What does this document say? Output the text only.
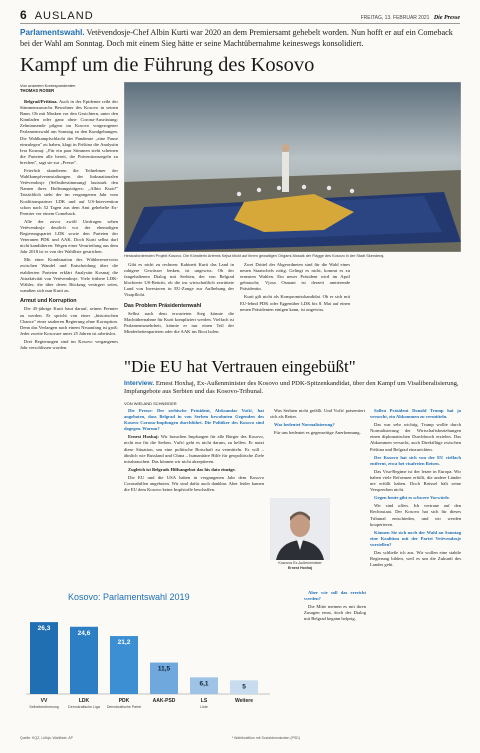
6 AUSLAND	FREITAG, 13. FEBRUAR 2021 Die Presse
Parlamentswahl. Vetëvendosje-Chef Albin Kurti war 2020 an dem Premiersamt gehebelt worden. Nun hofft er auf ein Comeback bei der Wahl am Sonntag. Doch mit einem Sieg hätte er seine Machtübernahme keineswegs konsolidiert.
Kampf um die Führung des Kosovo
Von unserem Korrespondenten
THOMAS ROSER

Belgrad/Priština. Auch in der Epidemie reibt der Stimmenzuwachs Bewohner des Kosovo in seinen Bann. Ob mit Masken vor den Gesichtern, unter den Kinnladen oder ganz ohne Corona-Ausrüstung: Zehntausende pilgern im Kosovo vorgezogener Parlamentswahl am Sonntag zu den Kundgebungen. Die Wahlkampfschlacht der Pandemie „eine Pause einzulegen" zu haben, klagt in Priština die Analystin Iera Kosmaj: „Für ein paar Stimmen steht scheinen die Parteien alle bereit, die Präventionsregeln zu brechen", sagt sie zur „Presse".

Feierlich skandieren die Teilnehmer der Wahlkampfveranstaltungen der linksnationalen Vetëvendosje (Selbstbestimmung) lautstark den Namen ihres Hoffnungsträgers: „Albin Kurti!" Tatsächlich steht der im vergangenen Jahr vom Koalitionspartner LDK und auf US-Intervention schon nach 52 Tagen aus dem Amt gehebelte Ex-Premier vor einem Comeback.

Alle der zuvor zwölf Umfragen sehen Vetëvendosje deutlich vor der ehemaligen Regierungspartei LDK sowie den Parteien der Veteranen PDK und AAK. Doch Kurti selbst darf nicht kandidieren: Wegen einer Verurteilung aus dem Jahr 2018 ist er von der Wahlliste gestrichen.

Mit einer Kombination des Wählerreservoirs zwischen Wandel und Entscheidung über die etablierten Parteien erklärt Analystin Kosmaj die Attraktivität von Vetëvendosje. Viele frühere LDK-Wähler, die über deren Rückzug verärgert seien, wandten sich nun Kurti zu.

Armut und Korruption

Die 45-jährige Kurti baut darauf, seinen Premier zu werden. Er spricht von einer „historischen Chance" einer sauberen Regierung ohne Korruption. Denn das Verlangen nach einem Neuanfang ist groß: Jeder zweite Kosovare unter 25 Jahren ist arbeitslos.

Drei Regierungen sind im Kosovo vergangenes Jahr verschlissen worden.

Herausfordernden Projekt Kosovo. Die Künstlerin Artemis Kejsa blickt auf ihrem gewaltigen Origami-Mosaik der Flagge des Kosovo in der Stadt Skenderaj.

Gibt es nicht zu rechnen: Kabinett Kurti das Land in ruhigere Gewässer lenken, ist ungewiss. Ob der fangehaltenen Dialog mit Serbien, der von Belgrad blockierte US-Beitritt, ob die ins wirtschaftlich zerrüttete Land von Investoren in EU-Zonge zur Aufhebung der Visapflicht.

Das Problem Präsidentenwahl

Selbst nach dem erwarteten Sieg könnte die Machtübernahme für Kurti kompliziert werden. Vielfach ist Parlamentsmehrheit, könnte er nur einen Teil der Minderheitenparteien oder die AAK ins Boot holen.

Zwei Drittel der Abgeordneten sind für die Wahl eines neuen Staatschefs nötig. Gelingt es nicht, kommt es zu erneuten Wahlen. Ein neuer Präsident wird im April gebraucht; Vjosa Osmani ist derzeit amtierende Präsidentin.

Kurti gilt nicht als Kompromisskandidat. Ob er sich mit EU-lehnd PDK oder Eggenüber LDK bis 8. Mai auf einen neuen Präsidenten einigen kann, ist ungewiss.

"Die EU hat Vertrauen eingebüßt"
Interview. Ernest Hoxhaj, Ex-Außenminister des Kosovo und PDK-Spitzenkandidat, über den Kampf um Visaliberalisierung, Impfangebote aus Serbien und das Kosovo-Tribunal.
VON WIELAND SCHNEIDER

Die Presse: Der serbische Präsident, Aleksandar Vučić, hat angeboten, dass Belgrad in von Serben bewohnten Gegenden des Kosovo Corona-Impfungen durchführt. Die Politiker des Kosovo sind dagegen. Warum?

Ernest Hoxhaj: Wir brauchen Impfungen für alle Bürger des Kosovo, nicht nur für die Serben. Vučić geht es nicht darum, zu helfen. Er nutzt diese Situation, um eine politische Botschaft zu vermitteln. Es will – ähnlich wie Russland und China – humanitäre Hilfe für geopolitische Ziele missbrauchen. Das können wir nicht akzeptieren.

Zugleich ist Belgrads Hilfsangebot das bis dato einzige.

Die EU und die USA haben in vergangenen Jahr dem Kosovo Coronahilfen angeboten. Wir sind dafür auch dankbar. Aber leider kamen die EU dem Kosovo keine Impfstoffe beschaffen.

Kosovos Ex-Außenminister
Ernest Hoxhaj

Was Serbien nicht gefällt. Und Vučić präsentiert sich als Retter.

Was bedeutet Normalisierung?

Für uns bedeutet es gegenseitige Anerkennung.

Aber wie soll das erreicht werden?

Die Mitte meinen es mit ihren Zusagen ernst, doch der Dialog mit Belgrad begann holprig.

Sollen Präsident Donald Trump hat ja versucht, ein Abkommen zu vermitteln.

Das war sehr wichtig. Trump wollte durch Normalisierung der Wirtschaftsbeziehungen einen diplomatischen Durchbruch erzielen. Das Abkommen versucht, auch Direktflüge zwischen Priština und Belgrad einzurichten.

Der Kosovo hat sich von der EU vielfach entfernt, etwa bei visafreien Reisen.

Das Visa-Regime ist der letzte in Europa. Wir haben viele Reformen erfüllt, die andere Länder nie erfüllt haben. Doch Brüssel hält seine Versprechen nicht.

Gegen heute gibt es schwere Vorwürfe.

Wir sind offen. Ich vertraue auf den Rechtsstaat. Der Kosovo hat sich für dieses Tribunal entschieden, und wir werden kooperieren.

Können Sie sich noch der Wahl an Sonntag eine Koalition mit der Partei Vetëvendosje vorstellen?

Das schließe ich aus. Wir wollen eine stabile Regierung bilden, weil es um die Zukunft des Landes geht.

Kosovo: Parlamentswahl 2019
26,3
VV
Selbstbestimmung
24,6
LDK
Demokratische Liga
21,2
PDK
Demokratische Partei
11,5
AAK-PSD
6,1
LS
Liste
5
Weitere
Quelle: KQZ, Lidhja, Wahlliste, AP	* Wahlkoalition mit Sozialdemokraten (PSD)
